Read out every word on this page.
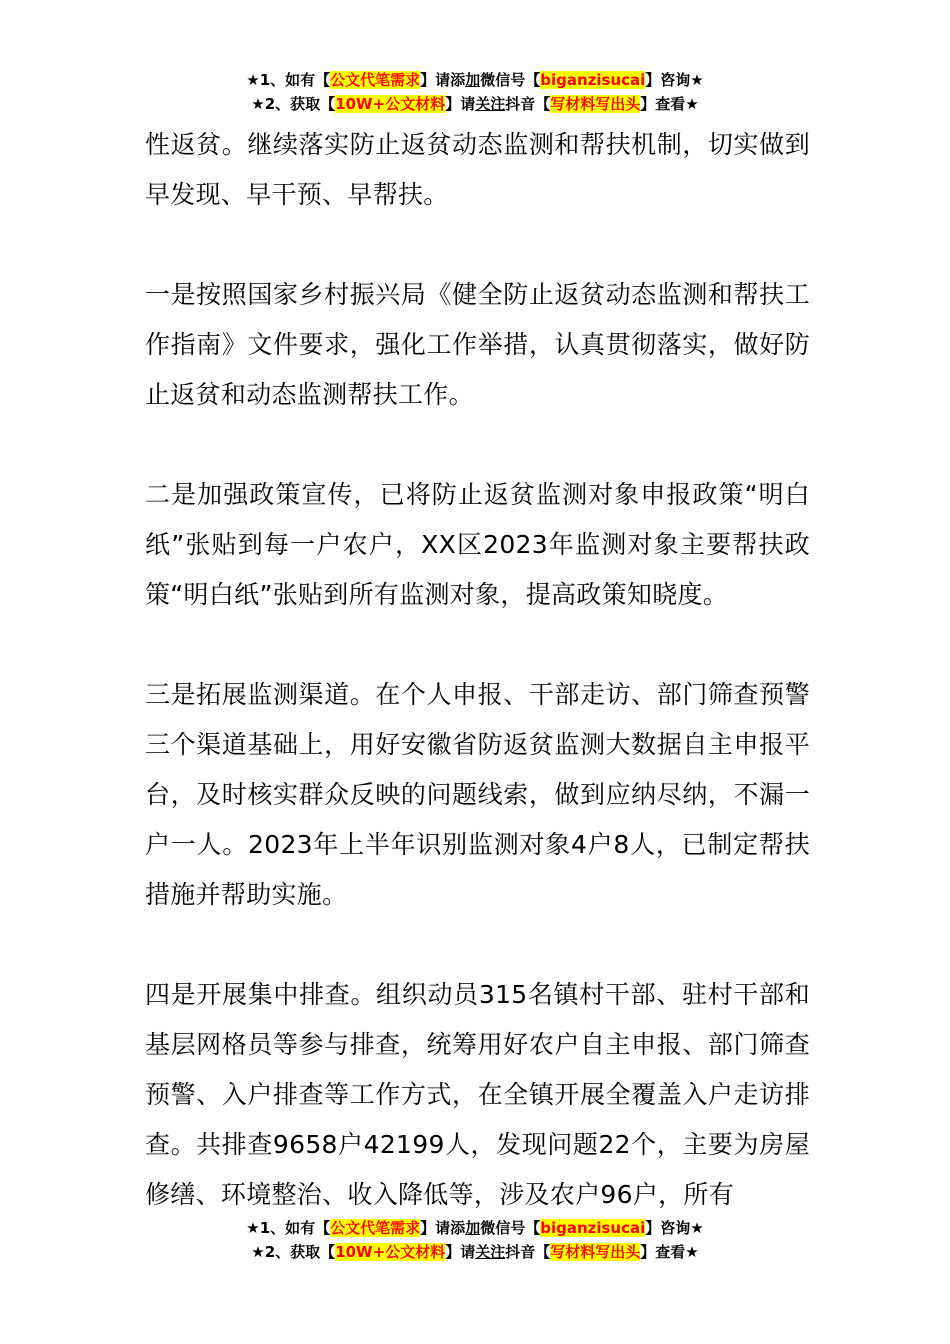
★1、如有【公文代笔需求】请添加微信号【biganzisucai】咨询★
★2、获取【10W+公文材料】请关注抖音【写材料写出头】查看★

性返贫。继续落实防止返贫动态监测和帮扶机制，切实做到早发现、早干预、早帮扶。

一是按照国家乡村振兴局《健全防止返贫动态监测和帮扶工作指南》文件要求，强化工作举措，认真贯彻落实，做好防止返贫和动态监测帮扶工作。

二是加强政策宣传，已将防止返贫监测对象申报政策“明白纸”张贴到每一户农户，XX区2023年监测对象主要帮扶政策“明白纸”张贴到所有监测对象，提高政策知晓度。

三是拓展监测渠道。在个人申报、干部走访、部门筛查预警三个渠道基础上，用好安徽省防返贫监测大数据自主申报平台，及时核实群众反映的问题线索，做到应纳尽纳，不漏一户一人。2023年上半年识别监测对象4户8人，已制定帮扶措施并帮助实施。

四是开展集中排查。组织动员315名镇村干部、驻村干部和基层网格员等参与排查，统筹用好农户自主申报、部门筛查预警、入户排查等工作方式，在全镇开展全覆盖入户走访排查。共排查9658户42199人，发现问题22个，主要为房屋修缮、环境整治、收入降低等，涉及农户96户，所有

★1、如有【公文代笔需求】请添加微信号【biganzisucai】咨询★
★2、获取【10W+公文材料】请关注抖音【写材料写出头】查看★
